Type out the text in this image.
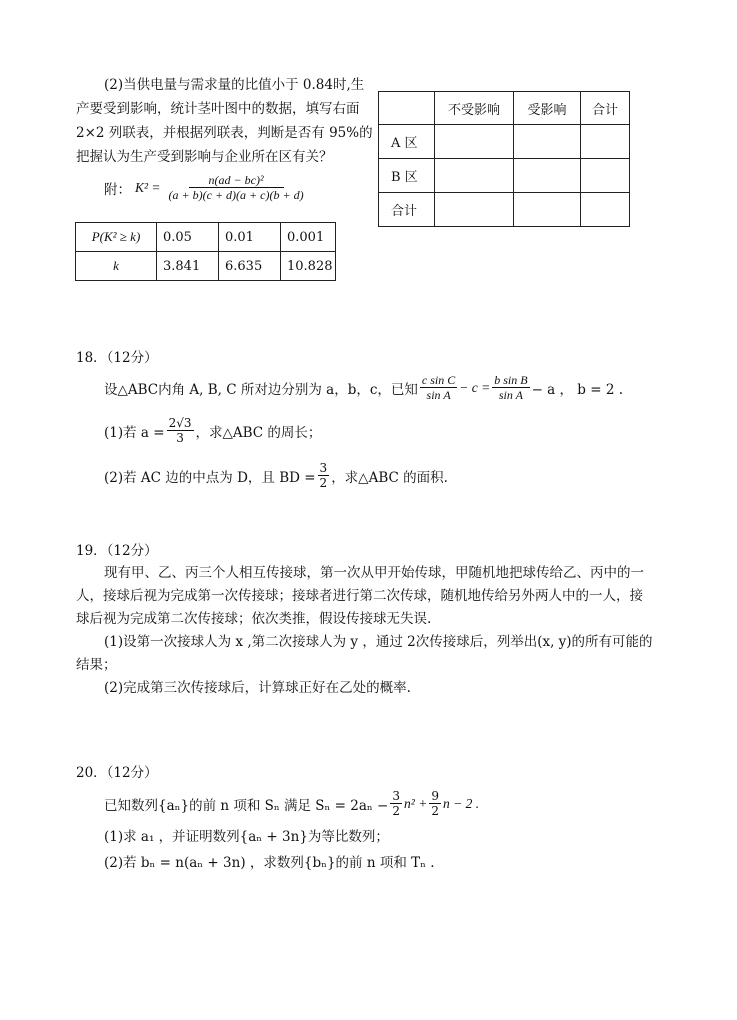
(2)当供电量与需求量的比值小于 0.84时,生
产要受到影响，统计茎叶图中的数据，填写右面
2×2 列联表，并根据列联表，判断是否有 95%的
把握认为生产受到影响与企业所在区有关？
附： $K^2 = \frac{\text{n(ad − bc)²}}{(a + b)(c + d)(a + c)(b + d)}$
P(K² ≥ k)	0.05	0.01	0.001
k	3.841	6.635	10.828
	不受影响	受影响	合计
A 区			
B 区			
合计			
18．（12分）
设△ABC内角 A, B, C 所对边分别为 a，b，c，已知 $\frac{\text{c sin C}}{\text{sin A}} - c = \frac{\text{b sin B}}{\text{sin A}} - a$ ， b = 2 .
(1)若 $a = \frac{2√3}{3}$ ，求△ABC 的周长；
(2)若 AC 边的中点为 D，且 BD = $\frac{3}{2}$ ，求△ABC 的面积.
19．（12分）
现有甲、乙、丙三个人相互传接球，第一次从甲开始传球，甲随机地把球传给乙、丙中的一
人，接球后视为完成第一次传接球；接球者进行第二次传球，随机地传给另外两人中的一人，接
球后视为完成第二次传接球；依次类推，假设传接球无失误.
(1)设第一次接球人为 x ,第二次接球人为 y ，通过 2次传接球后，列举出(x, y)的所有可能的
结果；
(2)完成第三次传接球后，计算球正好在乙处的概率.
20．（12分）
已知数列{aₙ}的前 n 项和 Sₙ 满足 $S_n = 2a_n - \frac{3}{2} n^2 + \frac{9}{2}$ n − 2 .
(1)求 a₁ ，并证明数列{aₙ + 3n}为等比数列；
(2)若 bₙ = n(aₙ + 3n) ，求数列{bₙ}的前 n 项和 Tₙ .
